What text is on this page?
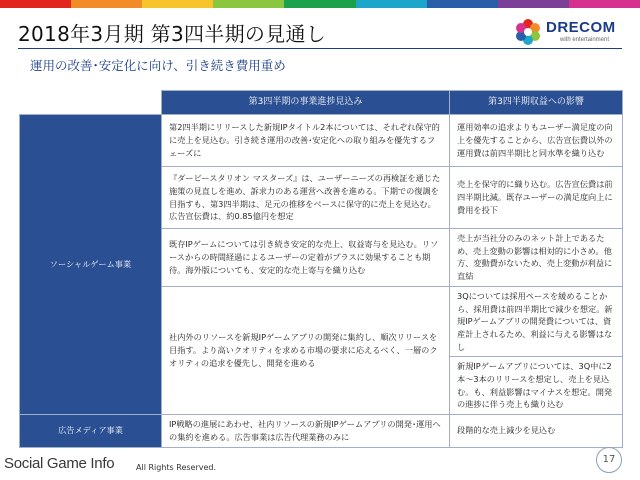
2018年3月期 第3四半期の見通し	DRECOM
with entertainment
運用の改善･安定化に向け、引き続き費用重め
	第3四半期の事業進捗見込み	第3四半期収益への影響
ソーシャルゲーム事業	第2四半期にリリースした新規IPタイトル2本については、それぞれ保守的に売上を見込む。引き続き運用の改善･安定化への取り組みを優先するフェーズに	運用効率の追求よりもユーザー満足度の向上を優先することから、広告宣伝費以外の運用費は前四半期比と同水準を織り込む
	『ダービースタリオン マスターズ』は、ユーザーニーズの再検証を通じた施策の見直しを進め、訴求力のある運営へ改善を進める。下期での復調を目指すも、第3四半期は、足元の推移をベースに保守的に売上を見込む。広告宣伝費は、約0.85億円を想定	売上を保守的に織り込む。広告宣伝費は前四半期比減。既存ユーザーの満足度向上に費用を投下
	既存IPゲームについては引き続き安定的な売上、収益寄与を見込む。リソースからの時間経過によるユーザーの定着がプラスに効果することも期待。海外版についても、安定的な売上寄与を織り込む	売上が当社分のみのネット計上であるため、売上変動の影響は相対的に小さめ。他方、変動費がないため、売上変動が利益に直結
	社内外のリソースを新規IPゲームアプリの開発に集約し、順次リリースを目指す。より高いクオリティを求める市場の要求に応えるべく、一層のクオリティの追求を優先し、開発を進める	3Qについては採用ペースを緩めることから、採用費は前四半期比で減少を想定。新規IPゲームアプリの開発費については、資産計上されるため、利益に与える影響はなし
		新規IPゲームアプリについては、3Q中に2本～3本のリリースを想定し、売上を見込む。も、利益影響はマイナスを想定。開発の進捗に伴う売上も織り込む
広告メディア事業	IP戦略の進展にあわせ、社内リソースの新規IPゲームアプリの開発･運用への集約を進める。広告事業は広告代理業務のみに	段階的な売上減少を見込む
17
Social Game Info	All Rights Reserved.
